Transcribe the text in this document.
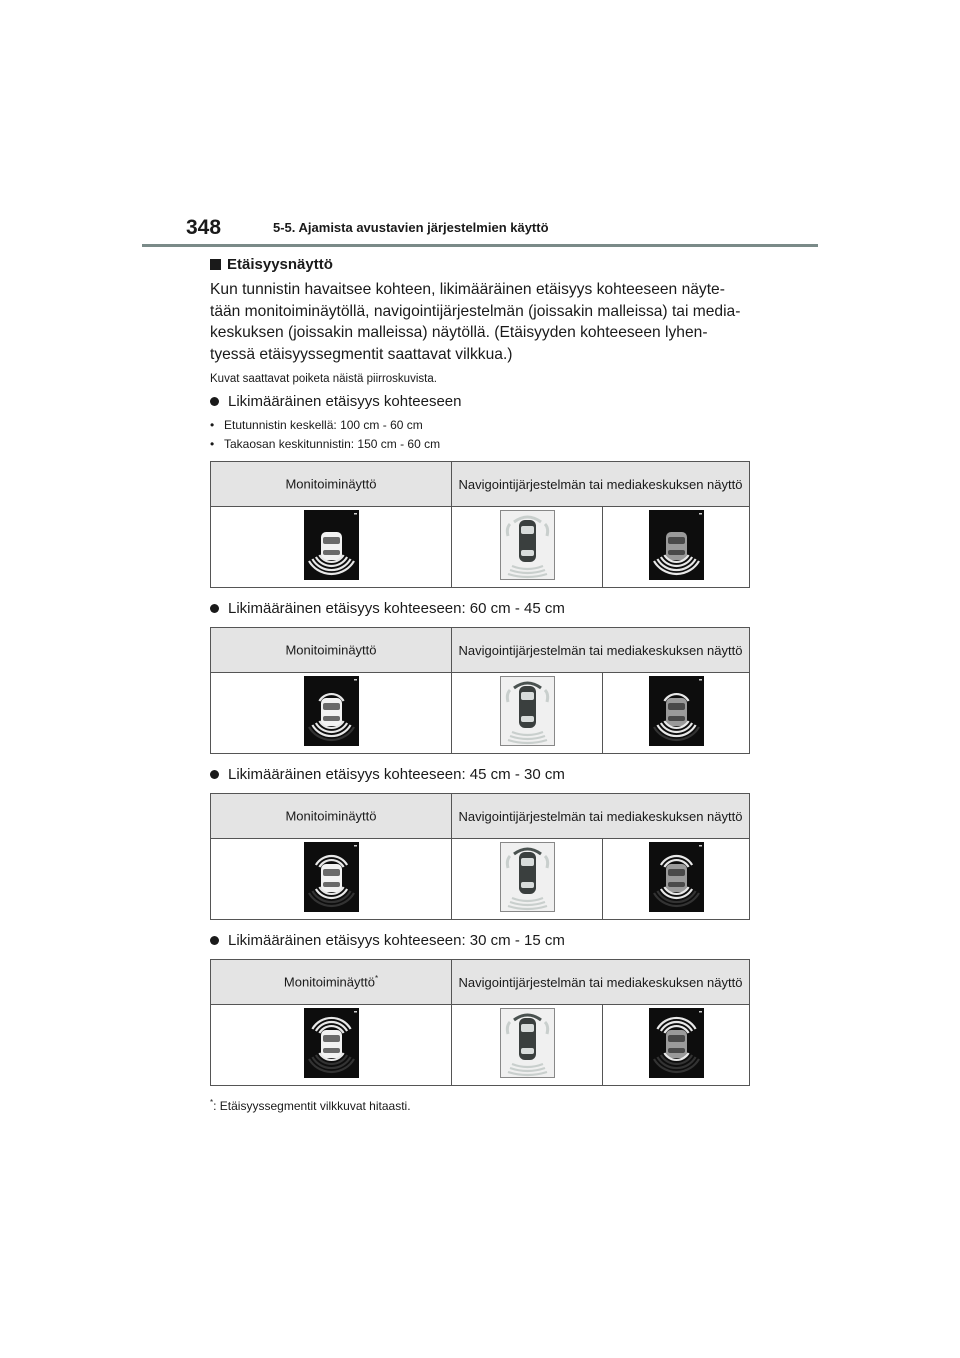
348	5-5. Ajamista avustavien järjestelmien käyttö
Etäisyysnäyttö

Kun tunnistin havaitsee kohteen, likimääräinen etäisyys kohteeseen näyte-
tään monitoiminäytöllä, navigointijärjestelmän (joissakin malleissa) tai media-
keskuksen (joissakin malleissa) näytöllä. (Etäisyyden kohteeseen lyhen-
tyessä etäisyyssegmentit saattavat vilkkua.)

Kuvat saattavat poiketa näistä piirroskuvista.

Likimääräinen etäisyys kohteeseen
• Etutunnistin keskellä: 100 cm - 60 cm
• Takaosan keskitunnistin: 150 cm - 60 cm
Monitoiminäyttö	Navigointijärjestelmän tai mediakeskuksen näyttö	

Likimääräinen etäisyys kohteeseen: 60 cm - 45 cm
Monitoiminäyttö	Navigointijärjestelmän tai mediakeskuksen näyttö	

Likimääräinen etäisyys kohteeseen: 45 cm - 30 cm
Monitoiminäyttö	Navigointijärjestelmän tai mediakeskuksen näyttö	

Likimääräinen etäisyys kohteeseen: 30 cm - 15 cm
Monitoiminäyttö*	Navigointijärjestelmän tai mediakeskuksen näyttö	

*: Etäisyyssegmentit vilkkuvat hitaasti.
